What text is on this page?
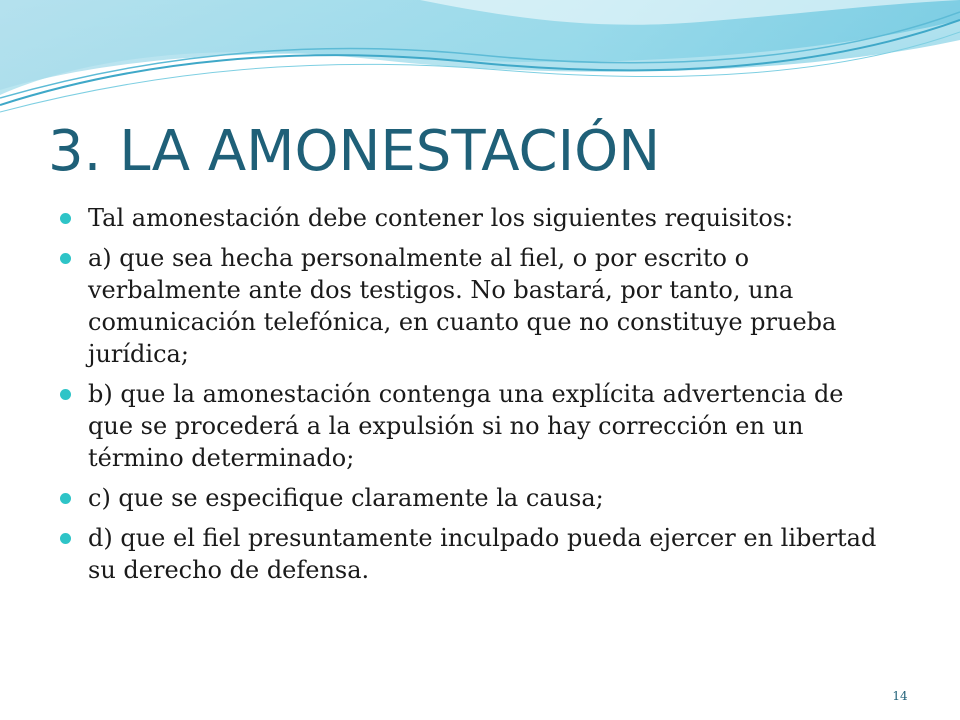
3. LA AMONESTACIÓN

Tal amonestación debe contener los siguientes requisitos:

a) que sea hecha personalmente al fiel, o por escrito o verbalmente ante dos testigos. No bastará, por tanto, una comunicación telefónica, en cuanto que no constituye prueba jurídica;

b) que la amonestación contenga una explícita advertencia de que se procederá a la expulsión si no hay corrección en un término determinado;

c) que se especifique claramente la causa;

d) que el fiel presuntamente inculpado pueda ejercer en libertad su derecho de defensa.

14
